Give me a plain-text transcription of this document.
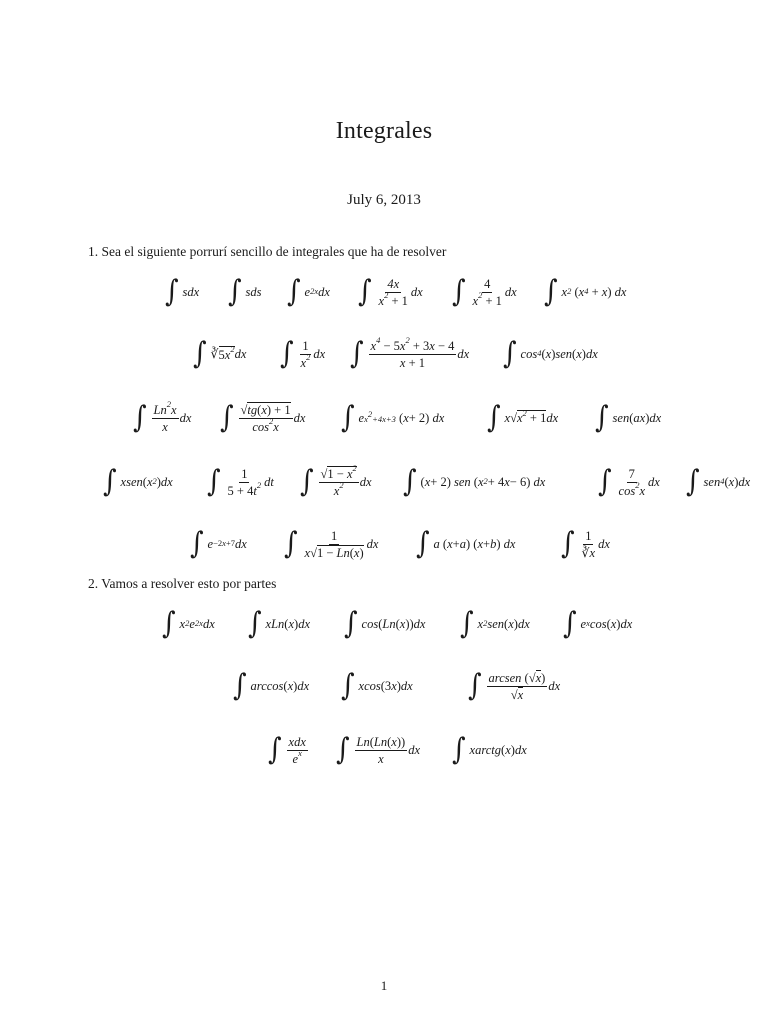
Integrales
July 6, 2013
1. Sea el siguiente porrurí sencillo de integrales que ha de resolver
∫ sdx ∫ sds ∫ $e^{2x}$ dx ∫ $\frac{4x}{x^2 + 1}$ dx ∫ $\frac{4}{x^2 + 1}$ dx ∫ $x^2$
( $x^4 + x$ ) dx
∫ ∛ $5x^2$ dx ∫ $\frac{1}{x^2}$ dx ∫ $\frac{x^4 - 5x^2 + 3x - 4}{x + 1}$ dx ∫ $\cos^4$ ( x ) sen ( x ) dx
∫ $\frac{Ln^2x}{x}$ dx ∫ $\frac{√tg(x) + 1}{\cos^2x}$ dx ∫ $e^{x^2+4x+3}$
( x + 2) dx ∫ x √ $x^2 + 1$ dx ∫ sen ( ax ) dx
∫ xsen ( $x^2$ ) dx ∫ $\frac{1}{5 + 4t^2}$ dt ∫ $\frac{√1 - x^2}{x^2}$ dx ∫ ( x + 2) sen ( $x^2 + 4$ x − 6) dx ∫ $\frac{7}{\cos^2x}$ dx ∫ sen$^4$ ( x ) dx
∫ e $^{-2x+7}$ dx ∫ $\frac{1}{x√1 - Ln(x)}$ dx ∫ a ( x + a )
( x + b ) dx ∫ $\frac{1}{∛x}$ dx
2. Vamos a resolver esto por partes
∫ $x^2$ $e^{2x}$ dx ∫ xLn ( x ) dx ∫ cos ( Ln ( x )) dx ∫ $x^2$ sen ( x ) dx ∫ $e^x$ cos ( x ) dx
∫ arccos ( x ) dx ∫ xcos (3 x ) dx ∫ $\frac{\text{arcsen (√x)}}{√x}$ dx
∫ $\frac{\text{xdx}}{e^x}$ ∫ $\frac{Ln(Ln(x))}{x}$ dx ∫ xarctg ( x ) dx
1
